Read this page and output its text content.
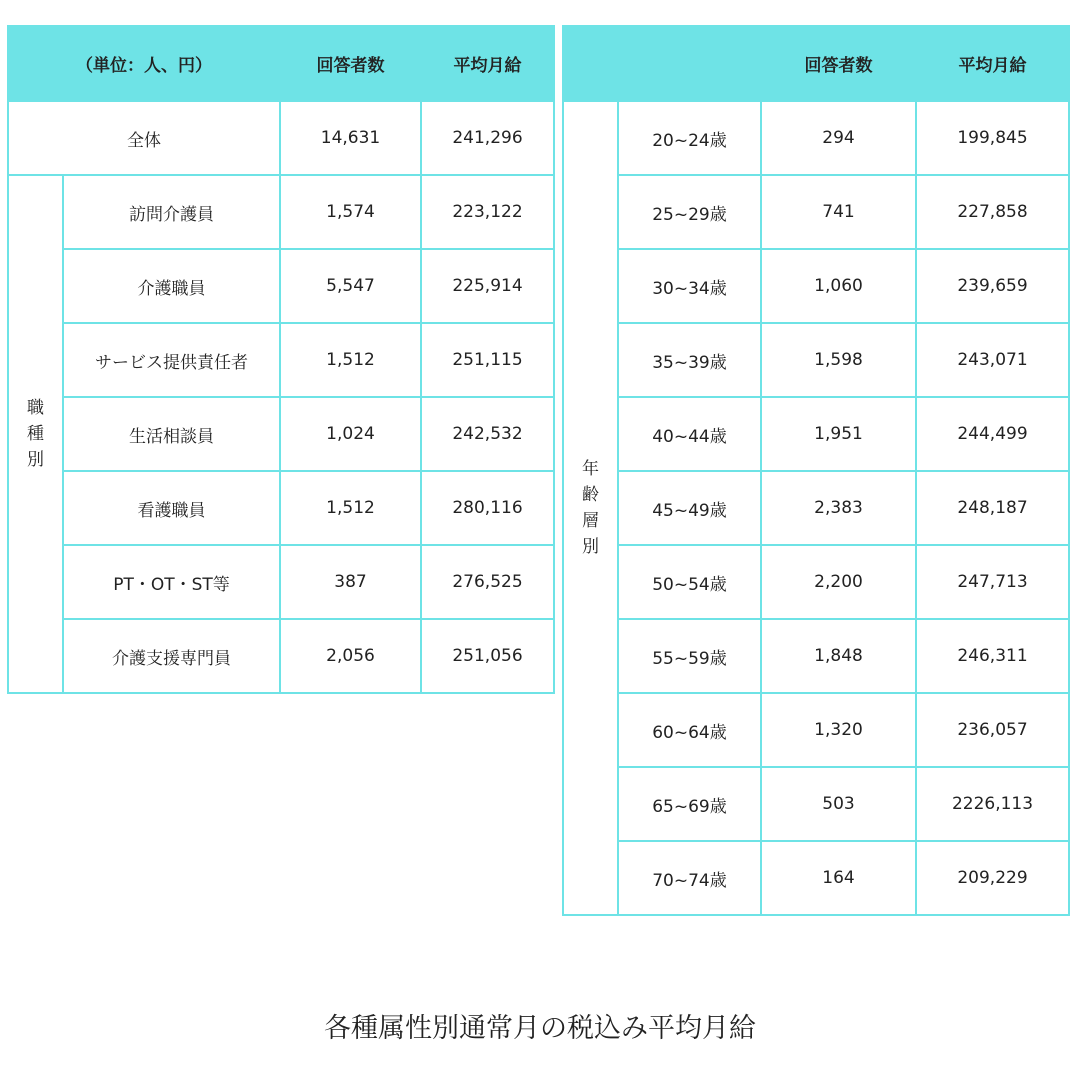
（単位：人、円）		回答者数	平均月給
全体		14,631	241,296

職
種
別	訪問介護員	1,574	223,122
	介護職員	5,547	225,914
	サービス提供責任者	1,512	251,115
	生活相談員	1,024	242,532
	看護職員	1,512	280,116
	PT・OT・ST等	387	276,525
	介護支援専門員	2,056	251,056
		回答者数	平均月給

年
齢
層
別	20~24歳	294	199,845
	25~29歳	741	227,858
	30~34歳	1,060	239,659
	35~39歳	1,598	243,071
	40~44歳	1,951	244,499
	45~49歳	2,383	248,187
	50~54歳	2,200	247,713
	55~59歳	1,848	246,311
	60~64歳	1,320	236,057
	65~69歳	503	2226,113
	70~74歳	164	209,229
各種属性別通常月の税込み平均月給
